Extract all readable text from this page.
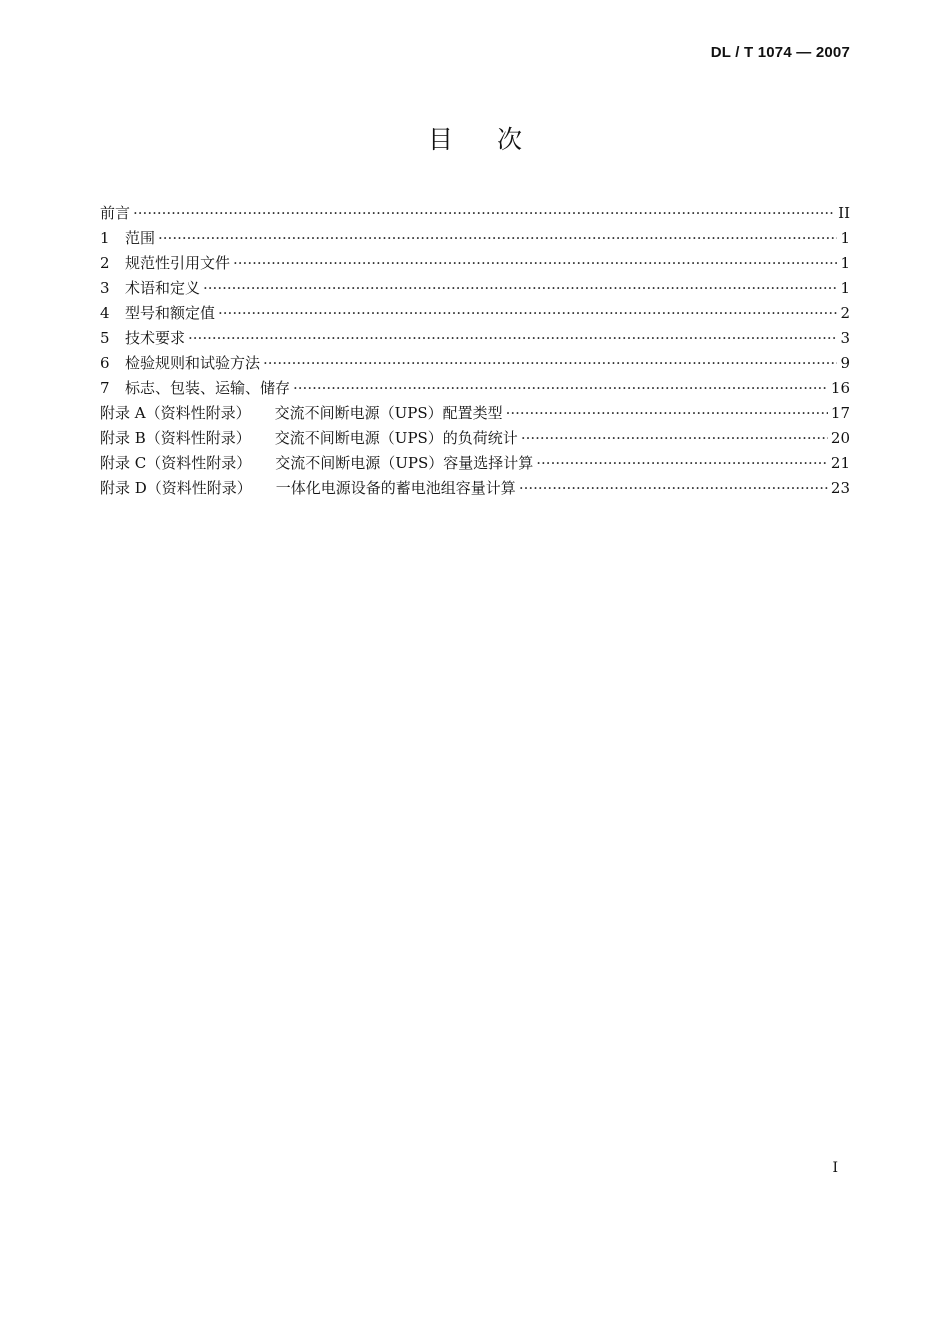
DL / T 1074 — 2007
目次
前言 ·····	II
1	范围 ·····	1
2	规范性引用文件 ·····	1
3	术语和定义 ·····	1
4	型号和额定值 ·····	2
5	技术要求 ·····	3
6	检验规则和试验方法 ·····	9
7	标志、包装、运输、储存 ·····	16
附录 A（资料性附录） 交流不间断电源（UPS）配置类型 ·····	17
附录 B（资料性附录） 交流不间断电源（UPS）的负荷统计 ·····	20
附录 C（资料性附录） 交流不间断电源（UPS）容量选择计算 ·····	21
附录 D（资料性附录） 一体化电源设备的蓄电池组容量计算 ·····	23
I
